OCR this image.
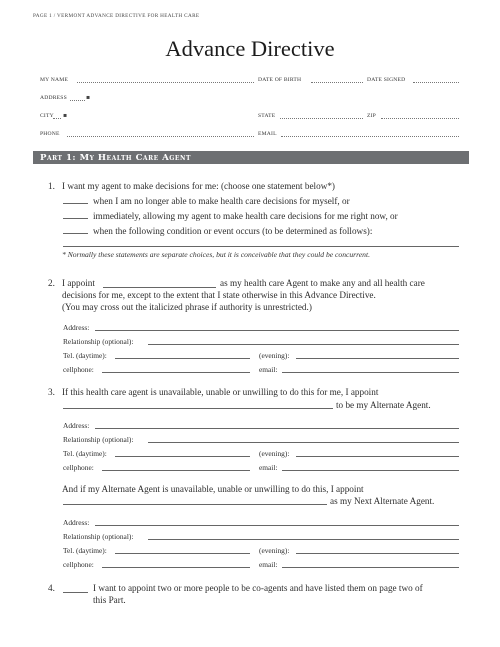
PAGE 1 / VERMONT ADVANCE DIRECTIVE FOR HEALTH CARE
Advance Directive
MY NAME	DATE OF BIRTH	DATE SIGNED
ADDRESS	▪
CITY ▪	STATE	ZIP
PHONE	EMAIL
Part 1: My Health Care Agent
1. I want my agent to make decisions for me: (choose one statement below*)
when I am no longer able to make health care decisions for myself, or
immediately, allowing my agent to make health care decisions for me right now, or
when the following condition or event occurs (to be determined as follows):
* Normally these statements are separate choices, but it is conceivable that they could be concurrent.
2. I appoint	as my health care Agent to make any and all health care
decisions for me, except to the extent that I state otherwise in this Advance Directive.
(You may cross out the italicized phrase if authority is unrestricted.)
Address:
Relationship (optional):
Tel. (daytime):	(evening):
cellphone:	email:
3. If this health care agent is unavailable, unable or unwilling to do this for me, I appoint
to be my Alternate Agent.
Address:
Relationship (optional):
Tel. (daytime):	(evening):
cellphone:	email:
And if my Alternate Agent is unavailable, unable or unwilling to do this, I appoint
as my Next Alternate Agent.
Address:
Relationship (optional):
Tel. (daytime):	(evening):
cellphone:	email:
4.	I want to appoint two or more people to be co-agents and have listed them on page two of
this Part.
